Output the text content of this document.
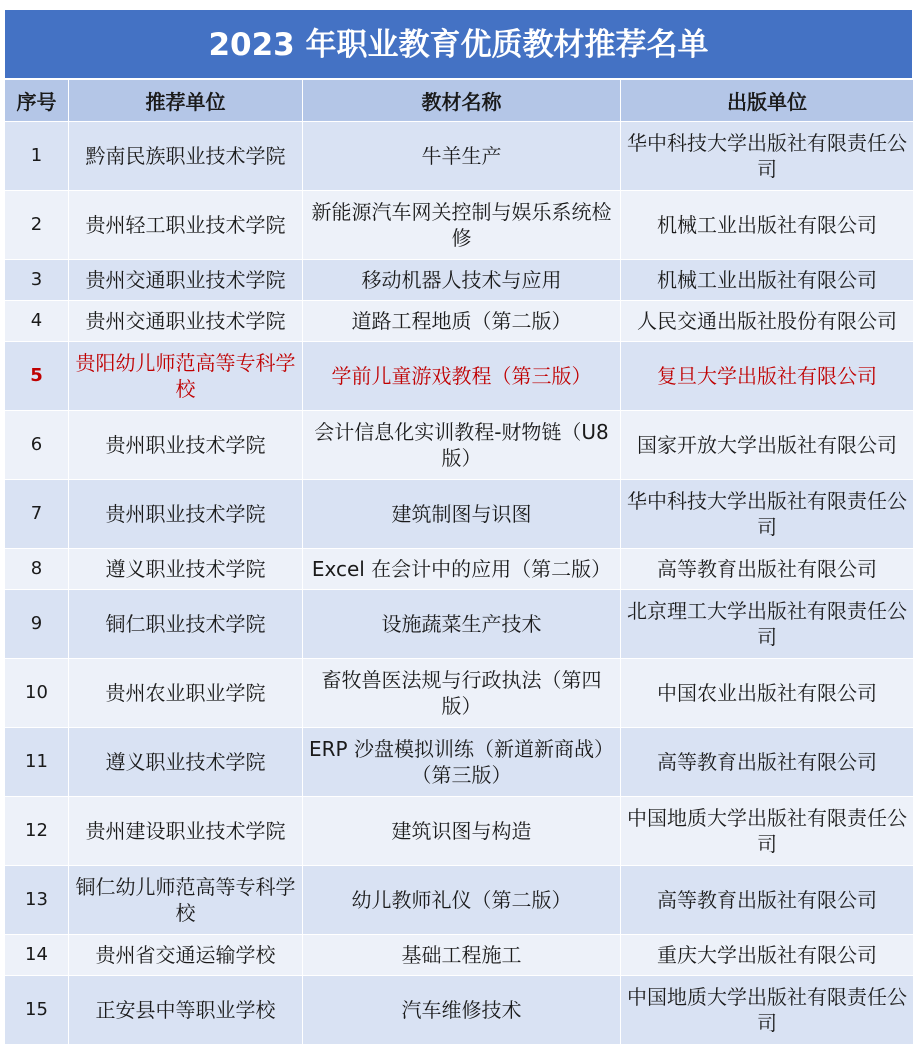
2023 年职业教育优质教材推荐名单
序号	推荐单位	教材名称	出版单位
1	黔南民族职业技术学院	牛羊生产	华中科技大学出版社有限责任公司
2	贵州轻工职业技术学院	新能源汽车网关控制与娱乐系统检修	机械工业出版社有限公司
3	贵州交通职业技术学院	移动机器人技术与应用	机械工业出版社有限公司
4	贵州交通职业技术学院	道路工程地质（第二版）	人民交通出版社股份有限公司
5	贵阳幼儿师范高等专科学校	学前儿童游戏教程（第三版）	复旦大学出版社有限公司
6	贵州职业技术学院	会计信息化实训教程-财物链（U8版）	国家开放大学出版社有限公司
7	贵州职业技术学院	建筑制图与识图	华中科技大学出版社有限责任公司
8	遵义职业技术学院	Excel 在会计中的应用（第二版）	高等教育出版社有限公司
9	铜仁职业技术学院	设施蔬菜生产技术	北京理工大学出版社有限责任公司
10	贵州农业职业学院	畜牧兽医法规与行政执法（第四版）	中国农业出版社有限公司
11	遵义职业技术学院	ERP 沙盘模拟训练（新道新商战）（第三版）	高等教育出版社有限公司
12	贵州建设职业技术学院	建筑识图与构造	中国地质大学出版社有限责任公司
13	铜仁幼儿师范高等专科学校	幼儿教师礼仪（第二版）	高等教育出版社有限公司
14	贵州省交通运输学校	基础工程施工	重庆大学出版社有限公司
15	正安县中等职业学校	汽车维修技术	中国地质大学出版社有限责任公司
